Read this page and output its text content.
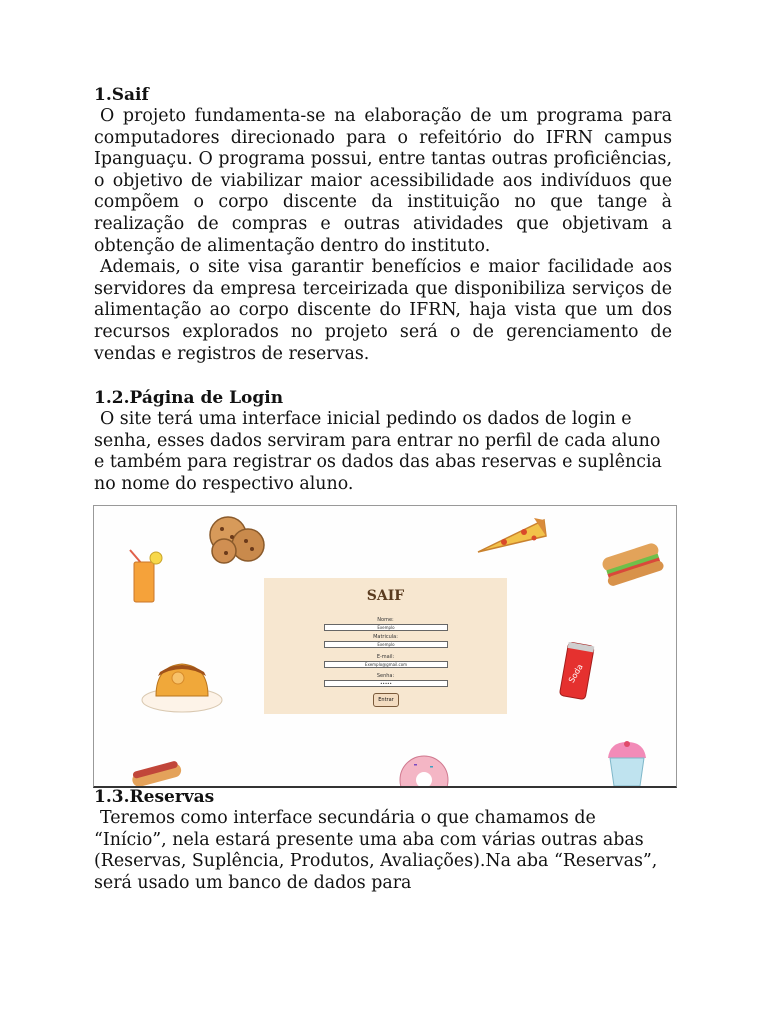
1.Saif

O projeto fundamenta-se na elaboração de um programa para computadores direcionado para o refeitório do IFRN campus Ipanguaçu. O programa possui, entre tantas outras proficiências, o objetivo de viabilizar maior acessibilidade aos indivíduos que compõem o corpo discente da instituição no que tange à realização de compras e outras atividades que objetivam a obtenção de alimentação dentro do instituto.

Ademais, o site visa garantir benefícios e maior facilidade aos servidores da empresa terceirizada que disponibiliza serviços de alimentação ao corpo discente do IFRN, haja vista que um dos recursos explorados no projeto será o de gerenciamento de vendas e registros de reservas.

1.2.Página de Login

O site terá uma interface inicial pedindo os dados de login e senha, esses dados serviram para entrar no perfil de cada aluno e também para registrar os dados das abas reservas e suplência no nome do respectivo aluno.

Soda
SAIF
Nome:
Exemplo
Matricula:
Exemplo
E-mail:
Exemplo@gmail.com
Senha:
•••••
Entrar

1.3.Reservas

Teremos como interface secundária o que chamamos de “Início”, nela estará presente uma aba com várias outras abas (Reservas, Suplência, Produtos, Avaliações).Na aba “Reservas”, será usado um banco de dados para
